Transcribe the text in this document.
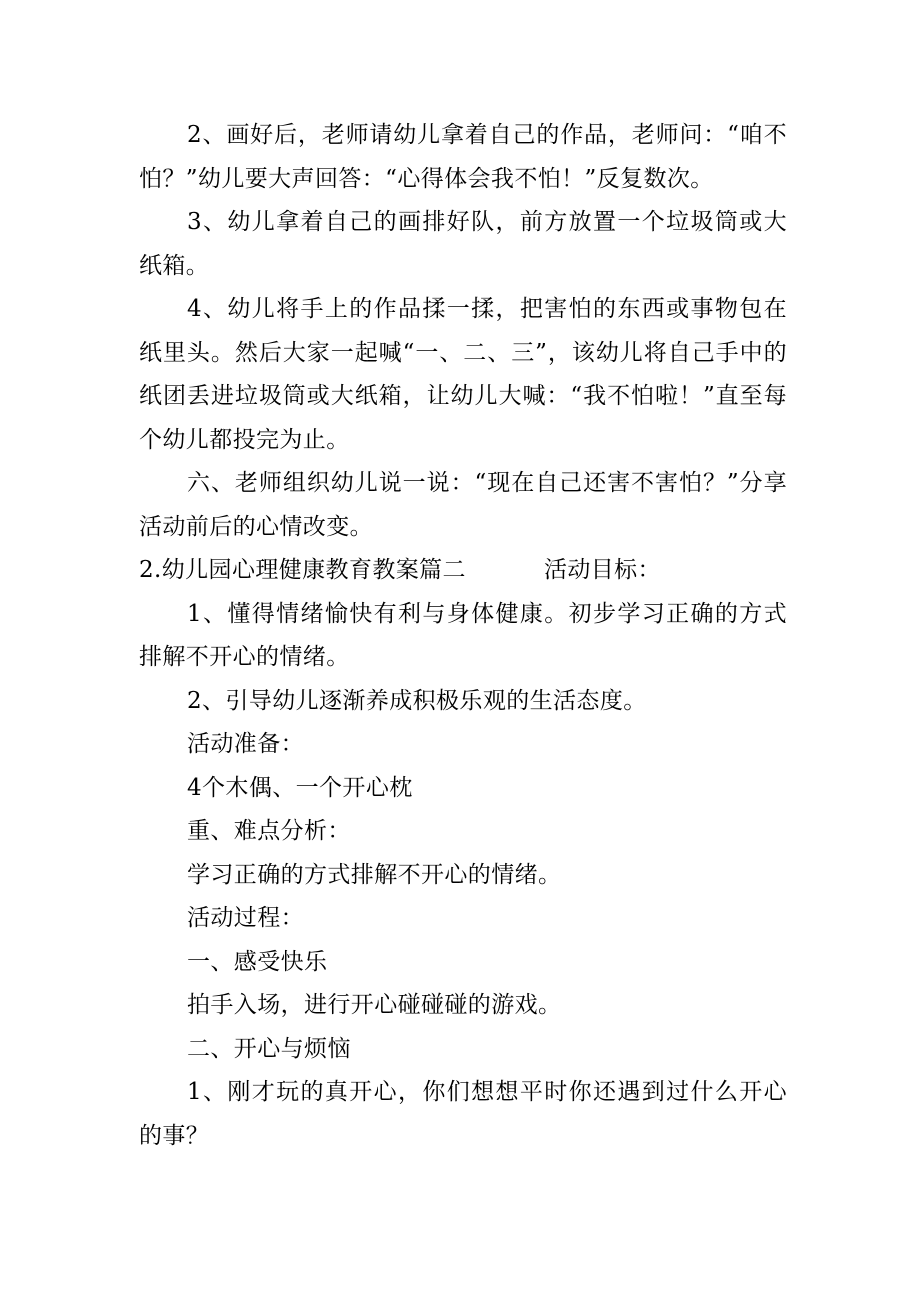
2、画好后，老师请幼儿拿着自己的作品，老师问：“咱不怕？”幼儿要大声回答：“心得体会我不怕！”反复数次。

3、幼儿拿着自己的画排好队，前方放置一个垃圾筒或大纸箱。

4、幼儿将手上的作品揉一揉，把害怕的东西或事物包在纸里头。然后大家一起喊“一、二、三”，该幼儿将自己手中的纸团丢进垃圾筒或大纸箱，让幼儿大喊：“我不怕啦！”直至每个幼儿都投完为止。

六、老师组织幼儿说一说：“现在自己还害不害怕？”分享活动前后的心情改变。

2.幼儿园心理健康教育教案篇二	活动目标：

1、懂得情绪愉快有利与身体健康。初步学习正确的方式排解不开心的情绪。

2、引导幼儿逐渐养成积极乐观的生活态度。

活动准备：

4个木偶、一个开心枕

重、难点分析：

学习正确的方式排解不开心的情绪。

活动过程：

一、感受快乐

拍手入场，进行开心碰碰碰的游戏。

二、开心与烦恼

1、刚才玩的真开心，你们想想平时你还遇到过什么开心的事？
